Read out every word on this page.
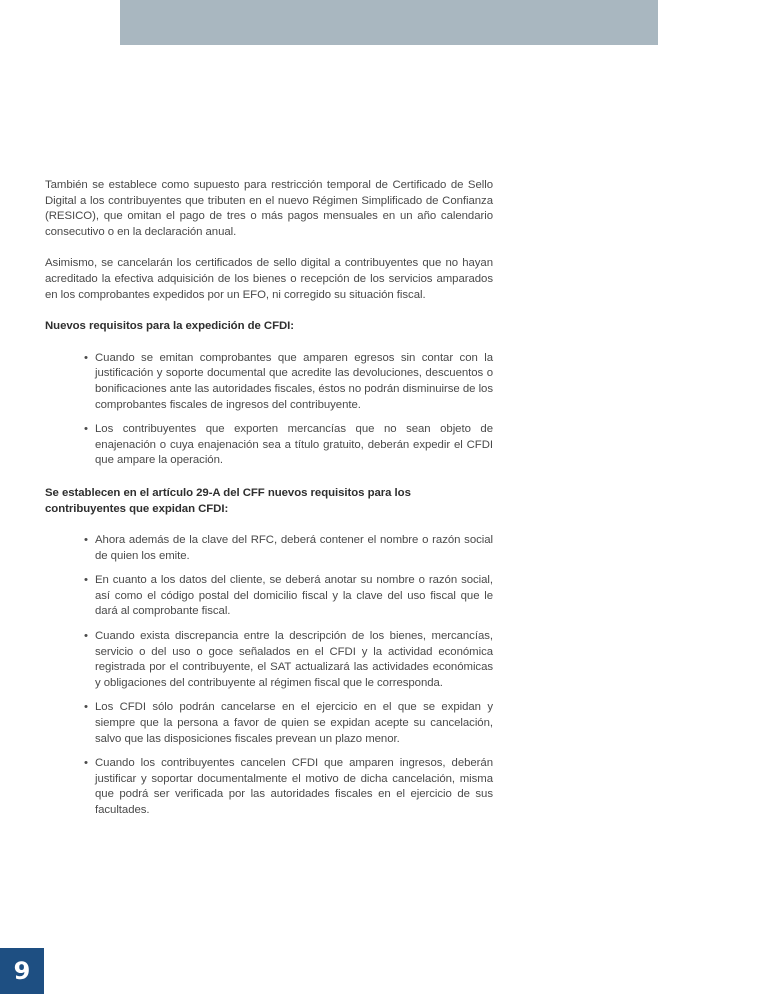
También se establece como supuesto para restricción temporal de Certificado de Sello Digital a los contribuyentes que tributen en el nuevo Régimen Simplificado de Confianza (RESICO), que omitan el pago de tres o más pagos mensuales en un año calendario consecutivo o en la declaración anual.

Asimismo, se cancelarán los certificados de sello digital a contribuyentes que no hayan acreditado la efectiva adquisición de los bienes o recepción de los servicios amparados en los comprobantes expedidos por un EFO, ni corregido su situación fiscal.

Nuevos requisitos para la expedición de CFDI:
• Cuando se emitan comprobantes que amparen egresos sin contar con la justificación y soporte documental que acredite las devoluciones, descuentos o bonificaciones ante las autoridades fiscales, éstos no podrán disminuirse de los comprobantes fiscales de ingresos del contribuyente.
• Los contribuyentes que exporten mercancías que no sean objeto de enajenación o cuya enajenación sea a título gratuito, deberán expedir el CFDI que ampare la operación.
Se establecen en el artículo 29-A del CFF nuevos requisitos para los contribuyentes que expidan CFDI:
• Ahora además de la clave del RFC, deberá contener el nombre o razón social de quien los emite.
• En cuanto a los datos del cliente, se deberá anotar su nombre o razón social, así como el código postal del domicilio fiscal y la clave del uso fiscal que le dará al comprobante fiscal.
• Cuando exista discrepancia entre la descripción de los bienes, mercancías, servicio o del uso o goce señalados en el CFDI y la actividad económica registrada por el contribuyente, el SAT actualizará las actividades económicas y obligaciones del contribuyente al régimen fiscal que le corresponda.
• Los CFDI sólo podrán cancelarse en el ejercicio en el que se expidan y siempre que la persona a favor de quien se expidan acepte su cancelación, salvo que las disposiciones fiscales prevean un plazo menor.
• Cuando los contribuyentes cancelen CFDI que amparen ingresos, deberán justificar y soportar documentalmente el motivo de dicha cancelación, misma que podrá ser verificada por las autoridades fiscales en el ejercicio de sus facultades.
9
